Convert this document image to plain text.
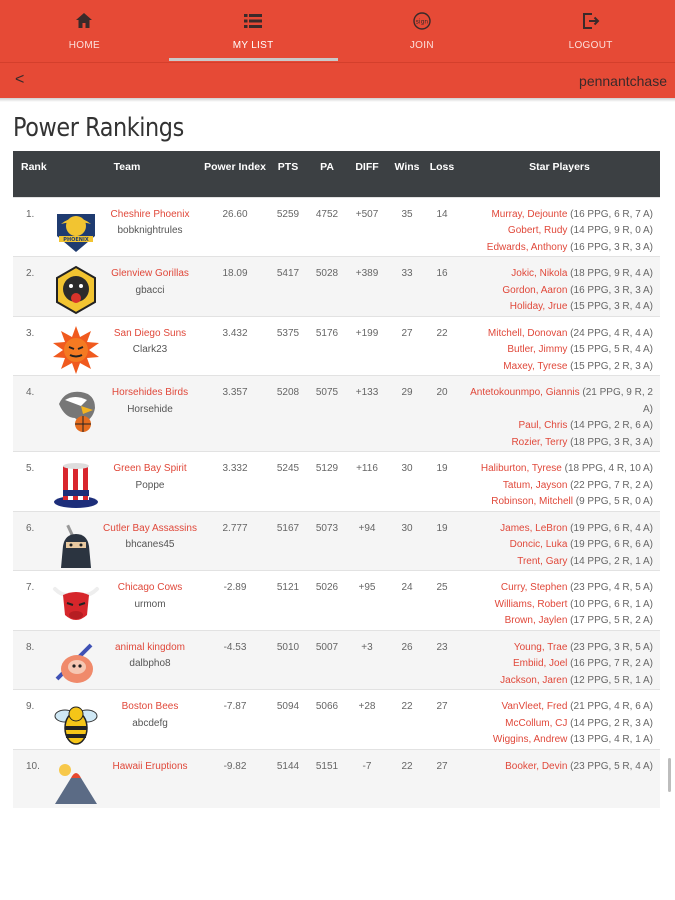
HOME	MY LIST
sign
JOIN	LOGOUT
<	pennantchase
Power Rankings
Rank	Team		Power Index	PTS	PA	DIFF	Wins	Loss	Star Players
1.	PHOENIX	Cheshire Phoenix
bobknightrules	26.60	5259	4752	+507	35	14	Murray, Dejounte (16 PPG, 6 R, 7 A)
Gobert, Rudy (14 PPG, 9 R, 0 A)
Edwards, Anthony (16 PPG, 3 R, 3 A)

2.		Glenview Gorillas
gbacci	18.09	5417	5028	+389	33	16	Jokic, Nikola (18 PPG, 9 R, 4 A)
Gordon, Aaron (16 PPG, 3 R, 3 A)
Holiday, Jrue (15 PPG, 3 R, 4 A)

3.		San Diego Suns
Clark23	3.432	5375	5176	+199	27	22	Mitchell, Donovan (24 PPG, 4 R, 4 A)
Butler, Jimmy (15 PPG, 5 R, 4 A)
Maxey, Tyrese (15 PPG, 2 R, 3 A)

4.		Horsehides Birds
Horsehide	3.357	5208	5075	+133	29	20	Antetokounmpo, Giannis (21 PPG, 9 R, 2 A)
Paul, Chris (14 PPG, 2 R, 6 A)
Rozier, Terry (18 PPG, 3 R, 3 A)

5.		Green Bay Spirit
Poppe	3.332	5245	5129	+116	30	19	Haliburton, Tyrese (18 PPG, 4 R, 10 A)
Tatum, Jayson (22 PPG, 7 R, 2 A)
Robinson, Mitchell (9 PPG, 5 R, 0 A)

6.		Cutler Bay Assassins
bhcanes45	2.777	5167	5073	+94	30	19	James, LeBron (19 PPG, 6 R, 4 A)
Doncic, Luka (19 PPG, 6 R, 6 A)
Trent, Gary (14 PPG, 2 R, 1 A)

7.		Chicago Cows
urmom	-2.89	5121	5026	+95	24	25	Curry, Stephen (23 PPG, 4 R, 5 A)
Williams, Robert (10 PPG, 6 R, 1 A)
Brown, Jaylen (17 PPG, 5 R, 2 A)

8.		animal kingdom
dalbpho8	-4.53	5010	5007	+3	26	23	Young, Trae (23 PPG, 3 R, 5 A)
Embiid, Joel (16 PPG, 7 R, 2 A)
Jackson, Jaren (12 PPG, 5 R, 1 A)

9.		Boston Bees
abcdefg	-7.87	5094	5066	+28	22	27	VanVleet, Fred (21 PPG, 4 R, 6 A)
McCollum, CJ (14 PPG, 2 R, 3 A)
Wiggins, Andrew (13 PPG, 4 R, 1 A)

10.		Hawaii Eruptions	-9.82	5144	5151	-7	22	27	Booker, Devin (23 PPG, 5 R, 4 A)
